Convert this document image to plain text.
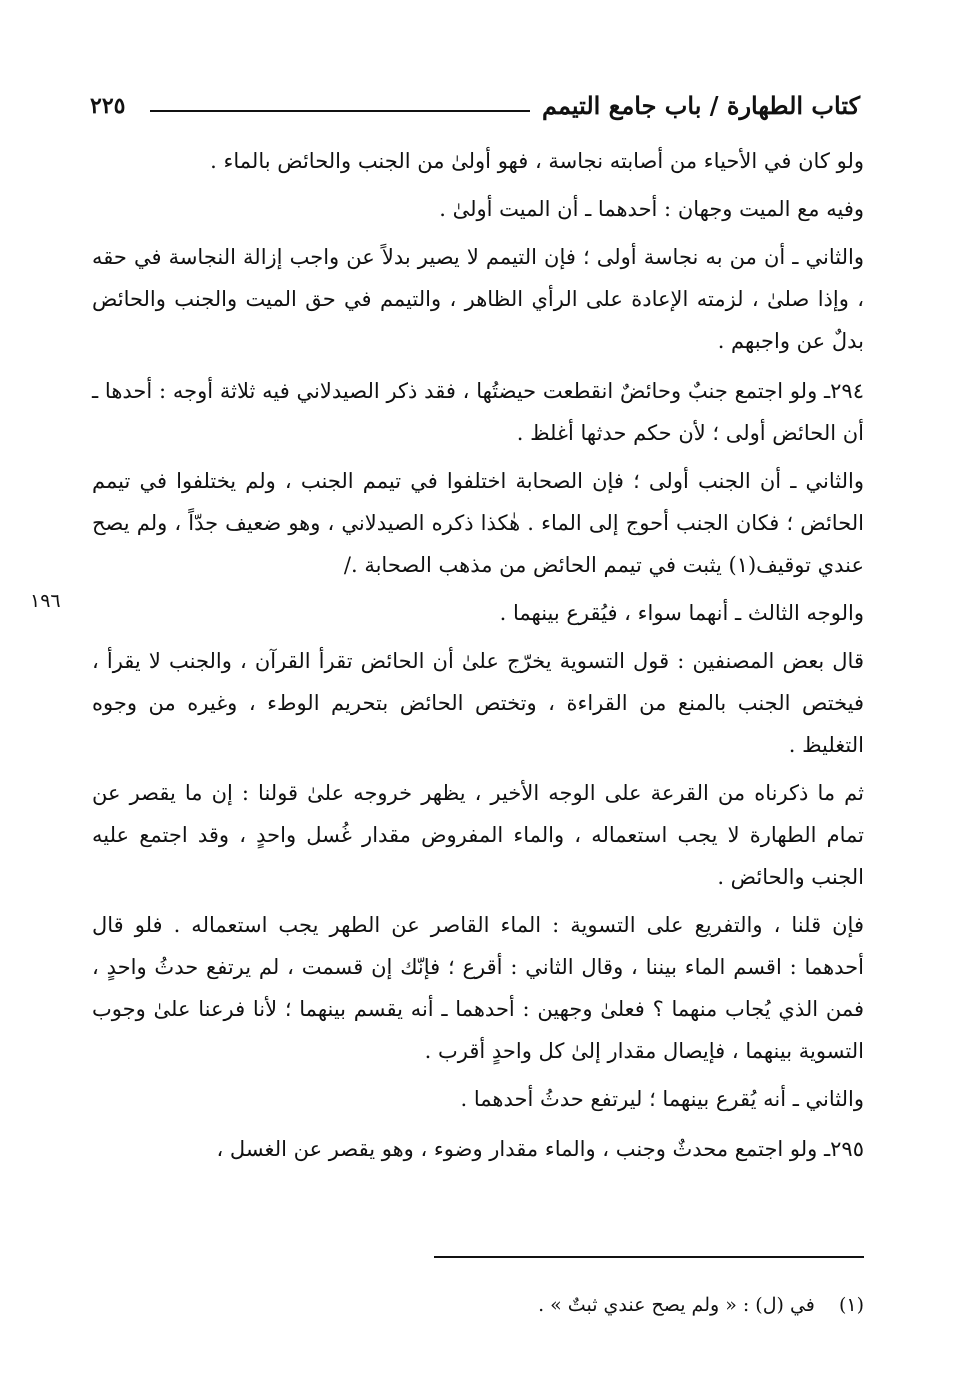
كتاب الطهارة / باب جامع التيمم
٢٢٥
١٩٦

ولو كان في الأحياء من أصابته نجاسة ، فهو أولىٰ من الجنب والحائض بالماء .

وفيه مع الميت وجهان : أحدهما ـ أن الميت أولىٰ .

والثاني ـ أن من به نجاسة أولى ؛ فإن التيمم لا يصير بدلاً عن واجب إزالة النجاسة في حقه ، وإذا صلىٰ ، لزمته الإعادة على الرأي الظاهر ، والتيمم في حق الميت والجنب والحائض بدلٌ عن واجبهم .

٢٩٤ـ ولو اجتمع جنبٌ وحائضٌ انقطعت حيضتُها ، فقد ذكر الصيدلاني فيه ثلاثة أوجه : أحدها ـ أن الحائض أولى ؛ لأن حكم حدثها أغلظ .

والثاني ـ أن الجنب أولى ؛ فإن الصحابة اختلفوا في تيمم الجنب ، ولم يختلفوا في تيمم الحائض ؛ فكان الجنب أحوج إلى الماء . هٰكذا ذكره الصيدلاني ، وهو ضعيف جدّاً ، ولم يصح عندي توقيف(١) يثبت في تيمم الحائض من مذهب الصحابة ./

والوجه الثالث ـ أنهما سواء ، فيُقرع بينهما .

قال بعض المصنفين : قول التسوية يخرّج علىٰ أن الحائض تقرأ القرآن ، والجنب لا يقرأ ، فيختص الجنب بالمنع من القراءة ، وتختص الحائض بتحريم الوطء ، وغيره من وجوه التغليظ .

ثم ما ذكرناه من القرعة على الوجه الأخير ، يظهر خروجه علىٰ قولنا : إن ما يقصر عن تمام الطهارة لا يجب استعماله ، والماء المفروض مقدار غُسل واحدٍ ، وقد اجتمع عليه الجنب والحائض .

فإن قلنا ، والتفريع على التسوية : الماء القاصر عن الطهر يجب استعماله . فلو قال أحدهما : اقسم الماء بيننا ، وقال الثاني : أقرع ؛ فإنّك إن قسمت ، لم يرتفع حدثُ واحدٍ ، فمن الذي يُجاب منهما ؟ فعلىٰ وجهين : أحدهما ـ أنه يقسم بينهما ؛ لأنا فرعنا علىٰ وجوب التسوية بينهما ، فإيصال مقدار إلىٰ كل واحدٍ أقرب .

والثاني ـ أنه يُقرع بينهما ؛ ليرتفع حدثُ أحدهما .

٢٩٥ـ ولو اجتمع محدثٌ وجنب ، والماء مقدار وضوء ، وهو يقصر عن الغسل ،

(١) في (ل) : « ولم يصح عندي ثبتٌ » .
